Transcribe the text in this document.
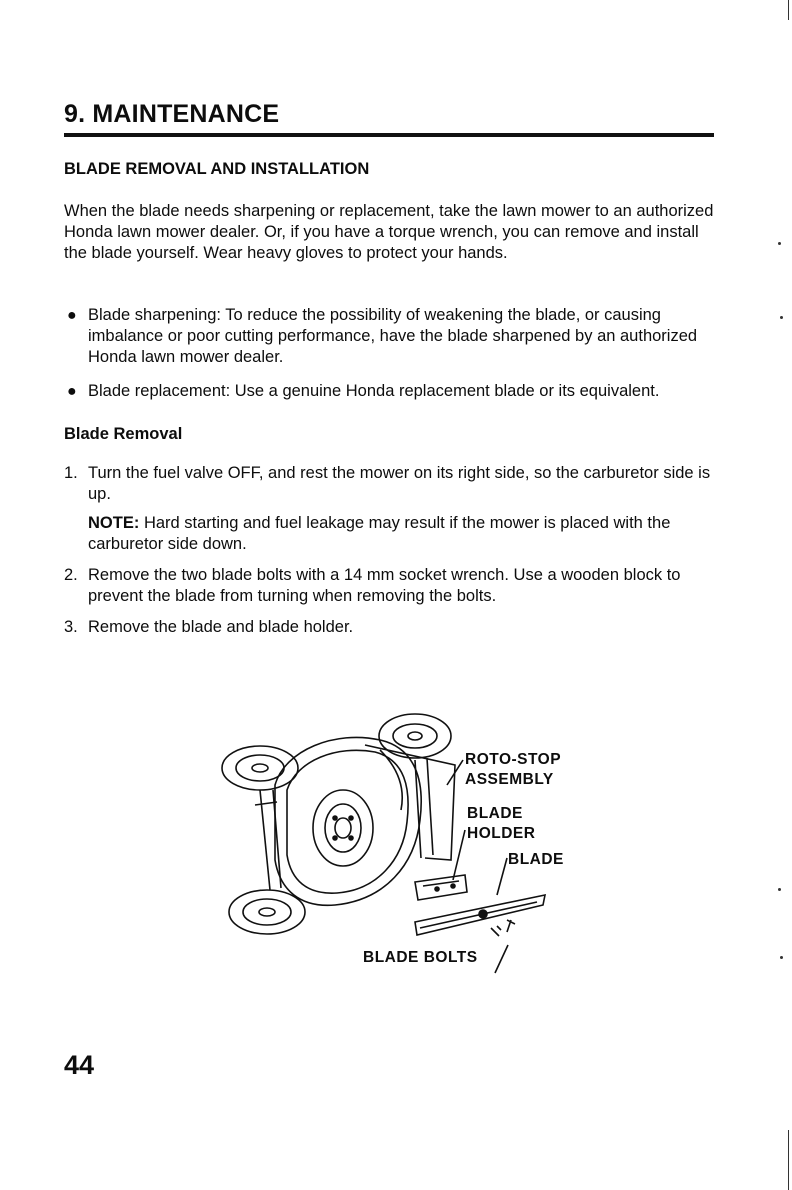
9. MAINTENANCE
BLADE REMOVAL AND INSTALLATION

When the blade needs sharpening or replacement, take the lawn mower to an authorized Honda lawn mower dealer. Or, if you have a torque wrench, you can remove and install the blade yourself. Wear heavy gloves to protect your hands.

● Blade sharpening: To reduce the possibility of weakening the blade, or causing imbalance or poor cutting performance, have the blade sharpened by an authorized Honda lawn mower dealer.
● Blade replacement: Use a genuine Honda replacement blade or its equivalent.
Blade Removal
1. Turn the fuel valve OFF, and rest the mower on its right side, so the carburetor side is up.
NOTE: Hard starting and fuel leakage may result if the mower is placed with the carburetor side down.
2. Remove the two blade bolts with a 14 mm socket wrench. Use a wooden block to prevent the blade from turning when removing the bolts.
3. Remove the blade and blade holder.
ROTO-STOP
ASSEMBLY
BLADE
HOLDER
BLADE
BLADE BOLTS
44
